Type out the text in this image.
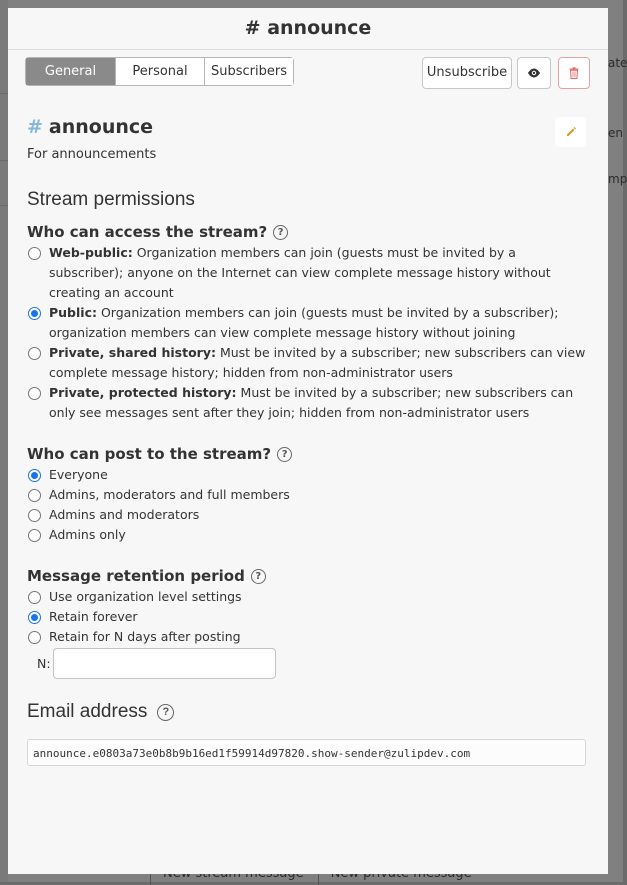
ate
en
mp
# announce
General	Personal	Subscribers	Unsubscribe
# announce
For announcements
Stream permissions
Who can access the stream?	?
Web-public: Organization members can join (guests must be invited by a subscriber); anyone on the Internet can view complete message history without creating an account
Public: Organization members can join (guests must be invited by a subscriber); organization members can view complete message history without joining
Private, shared history: Must be invited by a subscriber; new subscribers can view complete message history; hidden from non-administrator users
Private, protected history: Must be invited by a subscriber; new subscribers can only see messages sent after they join; hidden from non-administrator users
Who can post to the stream?	?
Everyone
Admins, moderators and full members
Admins and moderators
Admins only
Message retention period	?
Use organization level settings
Retain forever
Retain for N days after posting
N:
Email address	?
announce.e0803a73e0b8b9b16ed1f59914d97820.show-sender@zulipdev.com
